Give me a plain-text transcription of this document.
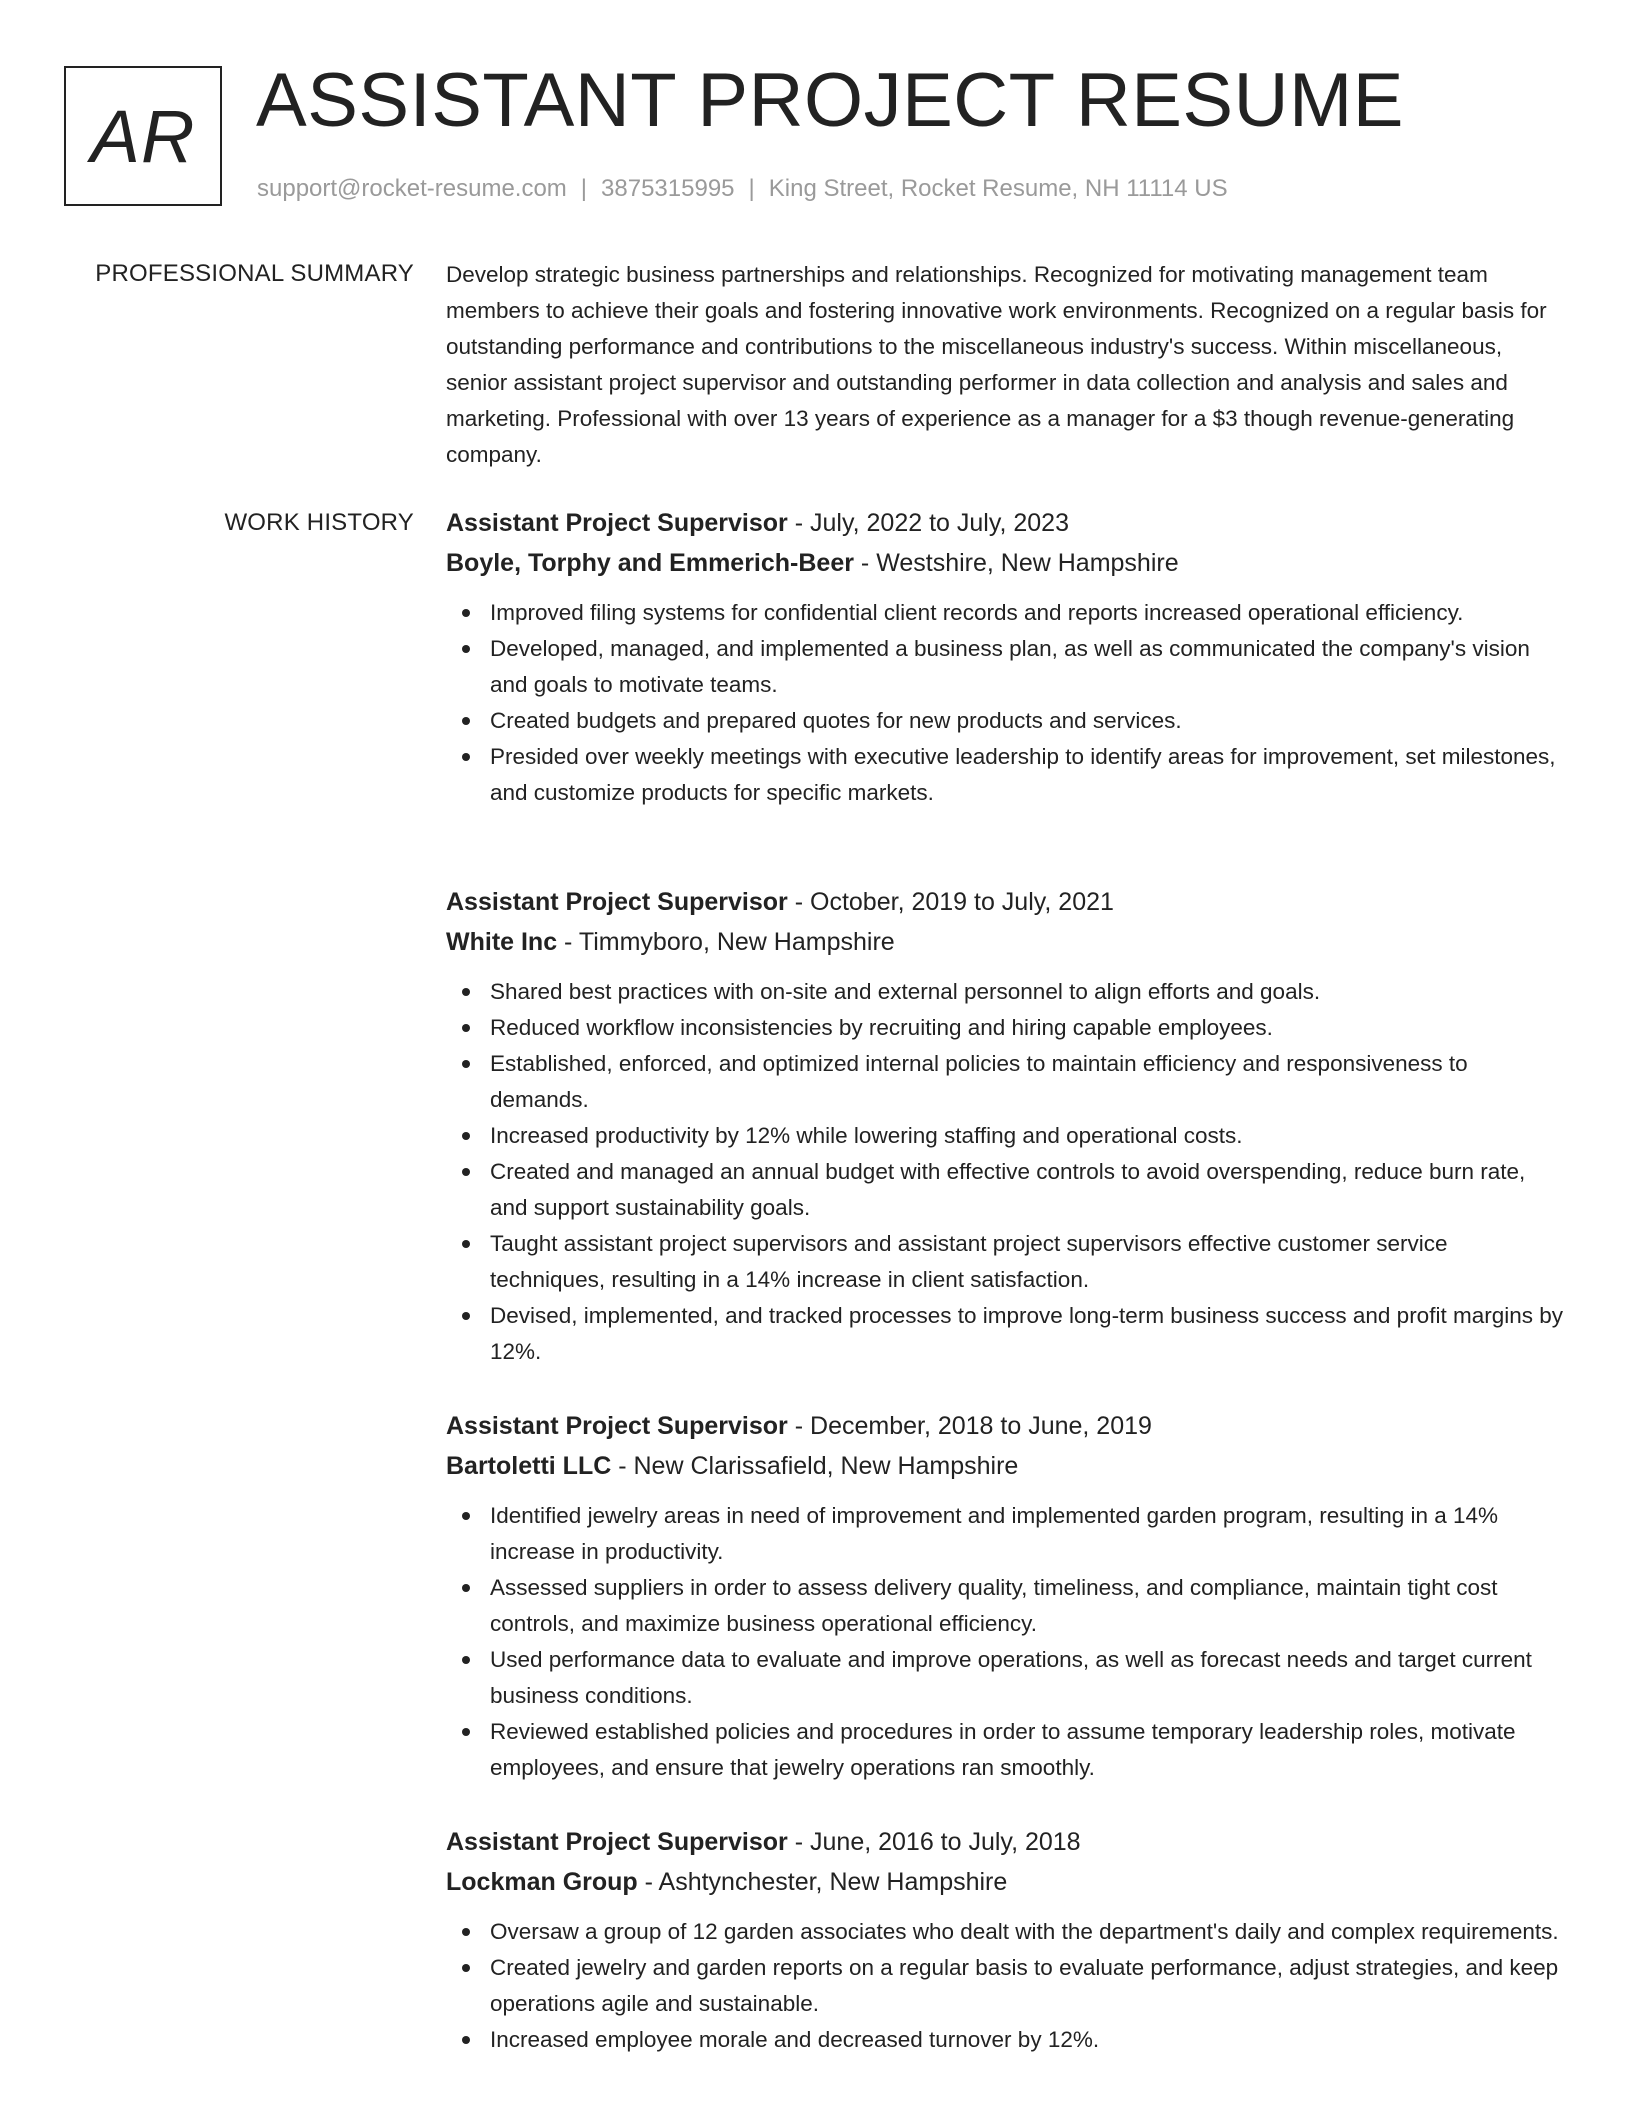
AR ASSISTANT PROJECT RESUME
support@rocket-resume.com | 3875315995 | King Street, Rocket Resume, NH 11114 US
PROFESSIONAL SUMMARY Develop strategic business partnerships and relationships. Recognized for motivating management team members to achieve their goals and fostering innovative work environments. Recognized on a regular basis for outstanding performance and contributions to the miscellaneous industry's success. Within miscellaneous, senior assistant project supervisor and outstanding performer in data collection and analysis and sales and marketing. Professional with over 13 years of experience as a manager for a $3 though revenue-generating company.

WORK HISTORY Assistant Project Supervisor - July, 2022 to July, 2023
Boyle, Torphy and Emmerich-Beer - Westshire, New Hampshire
Improved filing systems for confidential client records and reports increased operational efficiency.
Developed, managed, and implemented a business plan, as well as communicated the company's vision and goals to motivate teams.
Created budgets and prepared quotes for new products and services.
Presided over weekly meetings with executive leadership to identify areas for improvement, set milestones, and customize products for specific markets.
Assistant Project Supervisor - October, 2019 to July, 2021
White Inc - Timmyboro, New Hampshire
Shared best practices with on-site and external personnel to align efforts and goals.
Reduced workflow inconsistencies by recruiting and hiring capable employees.
Established, enforced, and optimized internal policies to maintain efficiency and responsiveness to demands.
Increased productivity by 12% while lowering staffing and operational costs.
Created and managed an annual budget with effective controls to avoid overspending, reduce burn rate, and support sustainability goals.
Taught assistant project supervisors and assistant project supervisors effective customer service techniques, resulting in a 14% increase in client satisfaction.
Devised, implemented, and tracked processes to improve long-term business success and profit margins by 12%.
Assistant Project Supervisor - December, 2018 to June, 2019
Bartoletti LLC - New Clarissafield, New Hampshire
Identified jewelry areas in need of improvement and implemented garden program, resulting in a 14% increase in productivity.
Assessed suppliers in order to assess delivery quality, timeliness, and compliance, maintain tight cost controls, and maximize business operational efficiency.
Used performance data to evaluate and improve operations, as well as forecast needs and target current business conditions.
Reviewed established policies and procedures in order to assume temporary leadership roles, motivate employees, and ensure that jewelry operations ran smoothly.
Assistant Project Supervisor - June, 2016 to July, 2018
Lockman Group - Ashtynchester, New Hampshire
Oversaw a group of 12 garden associates who dealt with the department's daily and complex requirements.
Created jewelry and garden reports on a regular basis to evaluate performance, adjust strategies, and keep operations agile and sustainable.
Increased employee morale and decreased turnover by 12%.
